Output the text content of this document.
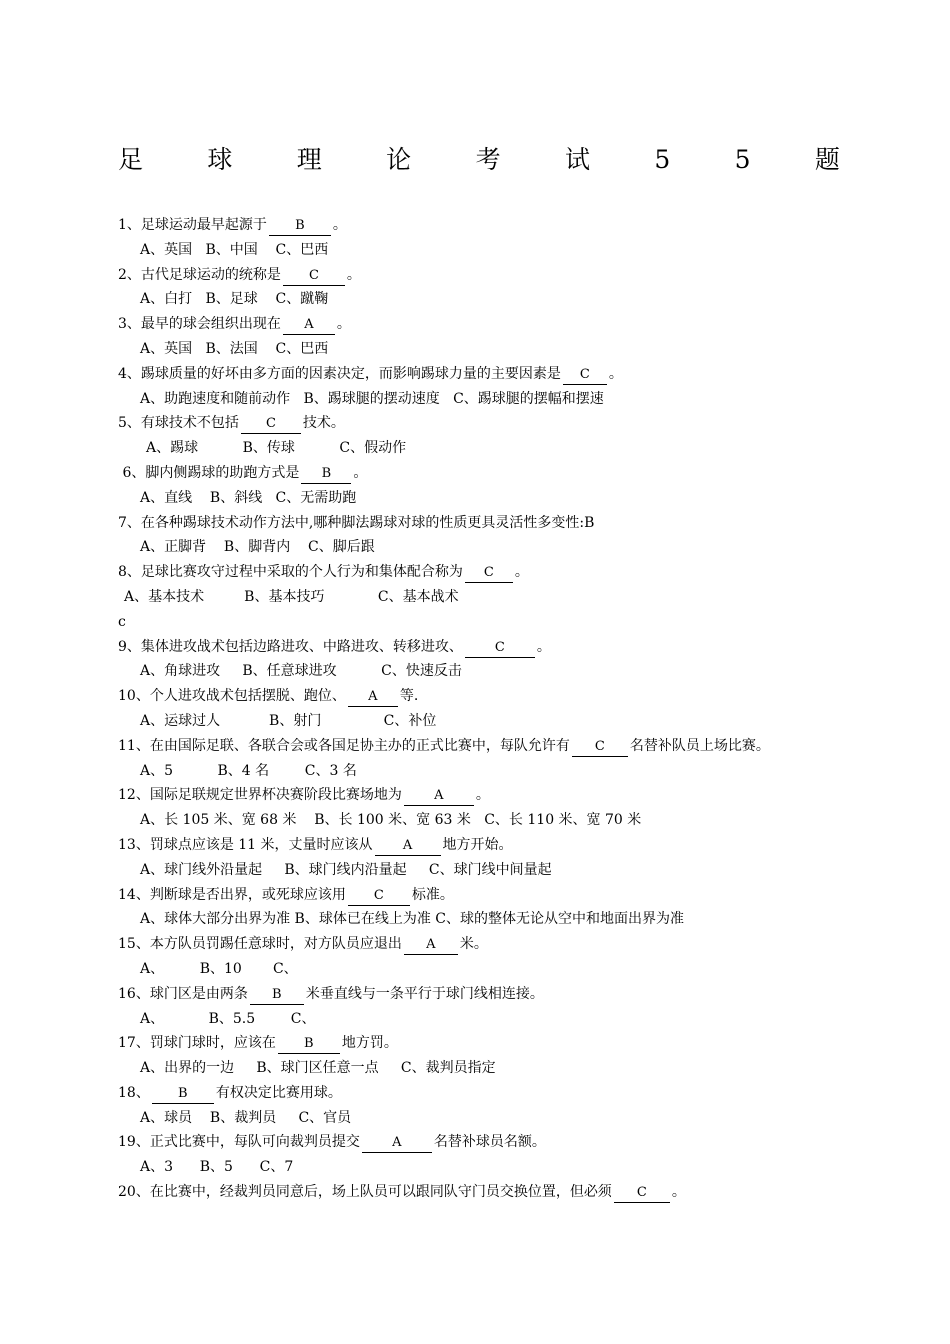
足	球	理	论	考	试	5	5	题
1、足球运动最早起源于 B 。
A、英国   B、中国    C、巴西
2、古代足球运动的统称是 C 。
A、白打   B、足球    C、蹴鞠
3、最早的球会组织出现在 A 。
A、英国   B、法国    C、巴西
4、踢球质量的好坏由多方面的因素决定，而影响踢球力量的主要因素是 C 。
A、助跑速度和随前动作   B、踢球腿的摆动速度   C、踢球腿的摆幅和摆速
5、有球技术不包括 C 技术。
A、踢球          B、传球          C、假动作
6、脚内侧踢球的助跑方式是 B 。
A、直线    B、斜线   C、无需助跑
7、在各种踢球技术动作方法中,哪种脚法踢球对球的性质更具灵活性多变性:B
A、正脚背    B、脚背内    C、脚后跟
8、足球比赛攻守过程中采取的个人行为和集体配合称为 C 。
A、基本技术         B、基本技巧            C、基本战术
c
9、集体进攻战术包括边路进攻、中路进攻、转移进攻、 C 。
A、角球进攻     B、任意球进攻          C、快速反击
10、个人进攻战术包括摆脱、跑位、 A 等.
A、运球过人           B、射门              C、补位
11、在由国际足联、各联合会或各国足协主办的正式比赛中，每队允许有 C 名替补队员上场比赛。
A、5          B、4 名        C、3 名
12、国际足联规定世界杯决赛阶段比赛场地为 A 。
A、长 105 米、宽 68 米    B、长 100 米、宽 63 米   C、长 110 米、宽 70 米
13、罚球点应该是 11 米，丈量时应该从 A 地方开始。
A、球门线外沿量起     B、球门线内沿量起     C、球门线中间量起
14、判断球是否出界，或死球应该用 C 标准。
A、球体大部分出界为准 B、球体已在线上为准 C、球的整体无论从空中和地面出界为准
15、本方队员罚踢任意球时，对方队员应退出 A 米。
A、        B、10       C、
16、球门区是由两条 B 米垂直线与一条平行于球门线相连接。
A、          B、5.5        C、
17、罚球门球时，应该在 B 地方罚。
A、出界的一边     B、球门区任意一点     C、裁判员指定
18、 B 有权决定比赛用球。
A、球员    B、裁判员     C、官员
19、正式比赛中，每队可向裁判员提交 A 名替补球员名额。
A、3      B、5      C、7
20、在比赛中，经裁判员同意后，场上队员可以跟同队守门员交换位置，但必须 C 。
